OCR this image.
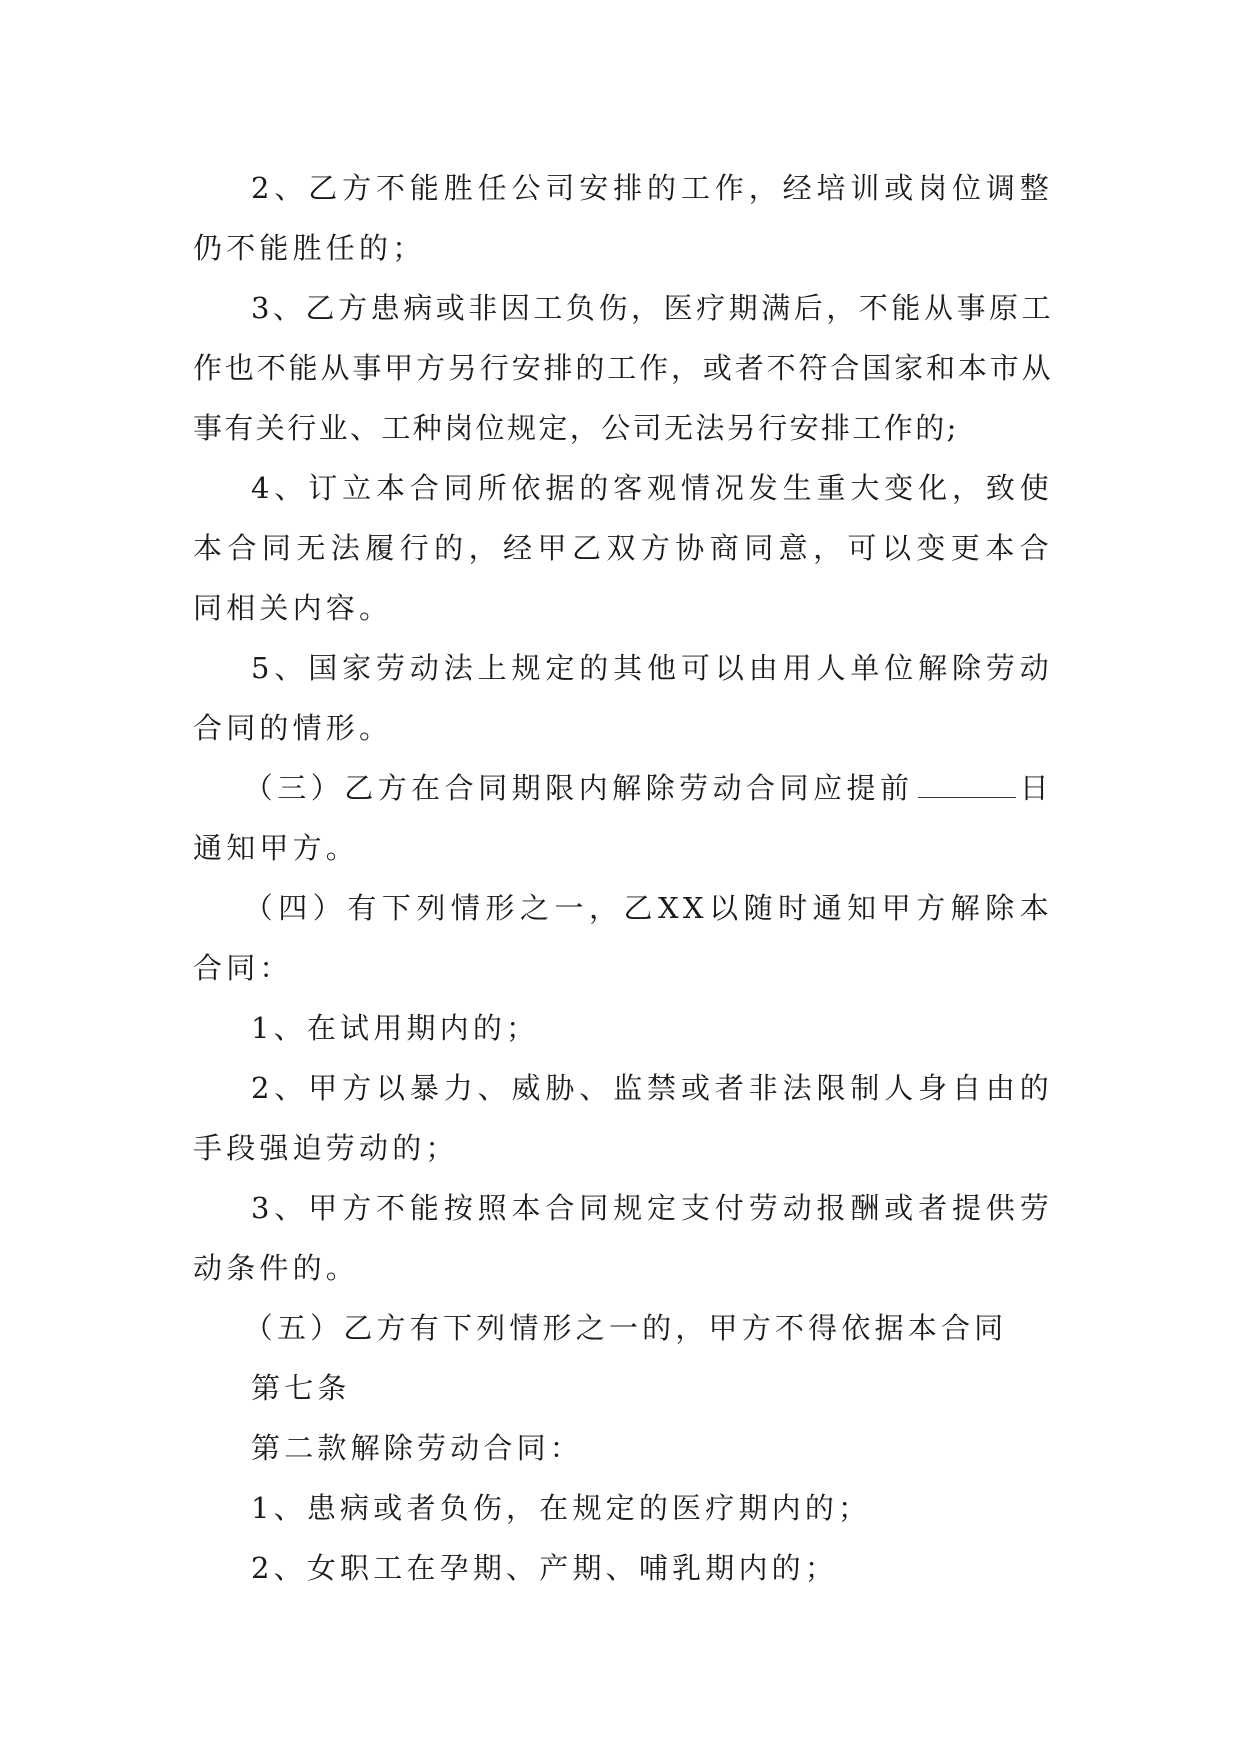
2、乙方不能胜任公司安排的工作，经培训或岗位调整仍不能胜任的；

3、乙方患病或非因工负伤，医疗期满后，不能从事原工作也不能从事甲方另行安排的工作，或者不符合国家和本市从事有关行业、工种岗位规定，公司无法另行安排工作的;

4、订立本合同所依据的客观情况发生重大变化，致使本合同无法履行的，经甲乙双方协商同意，可以变更本合同相关内容。

5、国家劳动法上规定的其他可以由用人单位解除劳动合同的情形。

（三）乙方在合同期限内解除劳动合同应提前	日通知甲方。

（四）有下列情形之一，乙XX以随时通知甲方解除本合同：

1、在试用期内的；

2、甲方以暴力、威胁、监禁或者非法限制人身自由的手段强迫劳动的；

3、甲方不能按照本合同规定支付劳动报酬或者提供劳动条件的。

（五）乙方有下列情形之一的，甲方不得依据本合同

第七条

第二款解除劳动合同：

1、患病或者负伤，在规定的医疗期内的；

2、女职工在孕期、产期、哺乳期内的；
